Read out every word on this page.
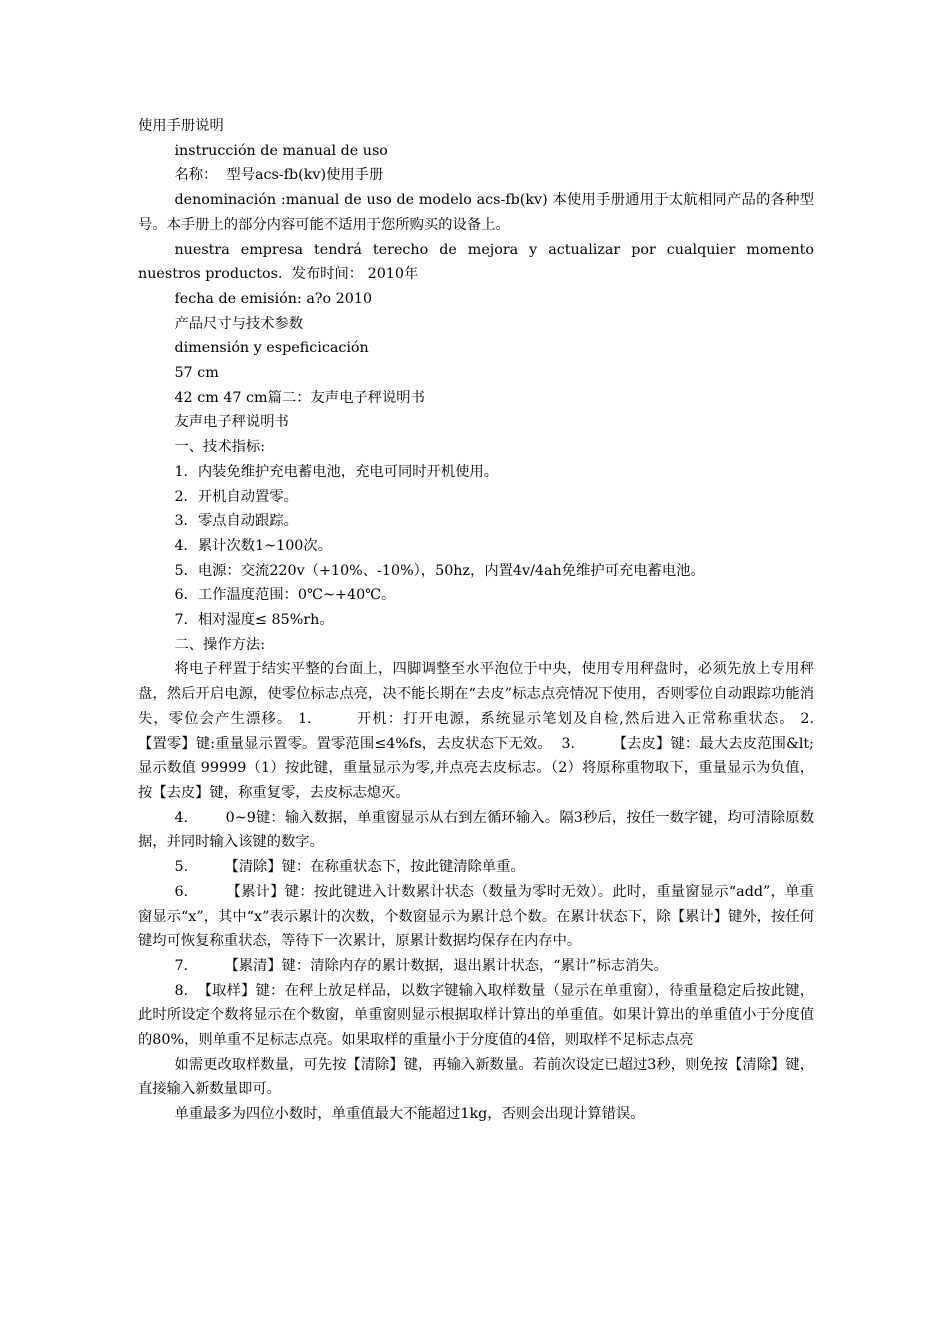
使用手册说明

instrucción de manual de uso

名称：  型号acs-fb(kv)使用手册

denominación :manual de uso de modelo acs-fb(kv) 本使用手册通用于太航相同产品的各种型号。本手册上的部分内容可能不适用于您所购买的设备上。

nuestra empresa tendrá terecho de mejora y actualizar por cualquier momento nuestros productos.  发布时间： 2010年

fecha de emisión: a?o 2010

产品尺寸与技术参数

dimensión y espeficicación

57 cm

42 cm 47 cm篇二：友声电子秤说明书

友声电子秤说明书

一、技术指标:

1．内装免维护充电蓄电池，充电可同时开机使用。

2．开机自动置零。

3．零点自动跟踪。

4．累计次数1~100次。

5．电源：交流220v（+10%、-10%），50hz，内置4v/4ah免维护可充电蓄电池。

6．工作温度范围：0℃~+40℃。

7．相对湿度≤ 85%rh。

二、操作方法:

将电子秤置于结实平整的台面上，四脚调整至水平泡位于中央，使用专用秤盘时，必须先放上专用秤盘，然后开启电源，使零位标志点亮，决不能长期在“去皮”标志点亮情况下使用，否则零位自动跟踪功能消失，零位会产生漂移。 1.        开机：打开电源，系统显示笔划及自检,然后进入正常称重状态。 2.        【置零】键:重量显示置零。置零范围≤4%fs，去皮状态下无效。  3.        【去皮】键：最大去皮范围&lt;显示数值 99999（1）按此键，重量显示为零,并点亮去皮标志。（2）将原称重物取下，重量显示为负值，按【去皮】键，称重复零，去皮标志熄灭。

4.        0~9键：输入数据，单重窗显示从右到左循环输入。隔3秒后，按任一数字键，均可清除原数据，并同时输入该键的数字。

5.        【清除】键：在称重状态下，按此键清除单重。

6.        【累计】键：按此键进入计数累计状态（数量为零时无效）。此时，重量窗显示“add”，单重窗显示“x”，其中“x”表示累计的次数，个数窗显示为累计总个数。在累计状态下，除【累计】键外，按任何键均可恢复称重状态，等待下一次累计，原累计数据均保存在内存中。

7.        【累清】键：清除内存的累计数据，退出累计状态，“累计”标志消失。

8.  【取样】键：在秤上放足样品，以数字键输入取样数量（显示在单重窗），待重量稳定后按此键，此时所设定个数将显示在个数窗，单重窗则显示根据取样计算出的单重值。如果计算出的单重值小于分度值的80%，则单重不足标志点亮。如果取样的重量小于分度值的4倍，则取样不足标志点亮

如需更改取样数量，可先按【清除】键，再输入新数量。若前次设定已超过3秒，则免按【清除】键，直接输入新数量即可。

单重最多为四位小数时，单重值最大不能超过1kg，否则会出现计算错误。
